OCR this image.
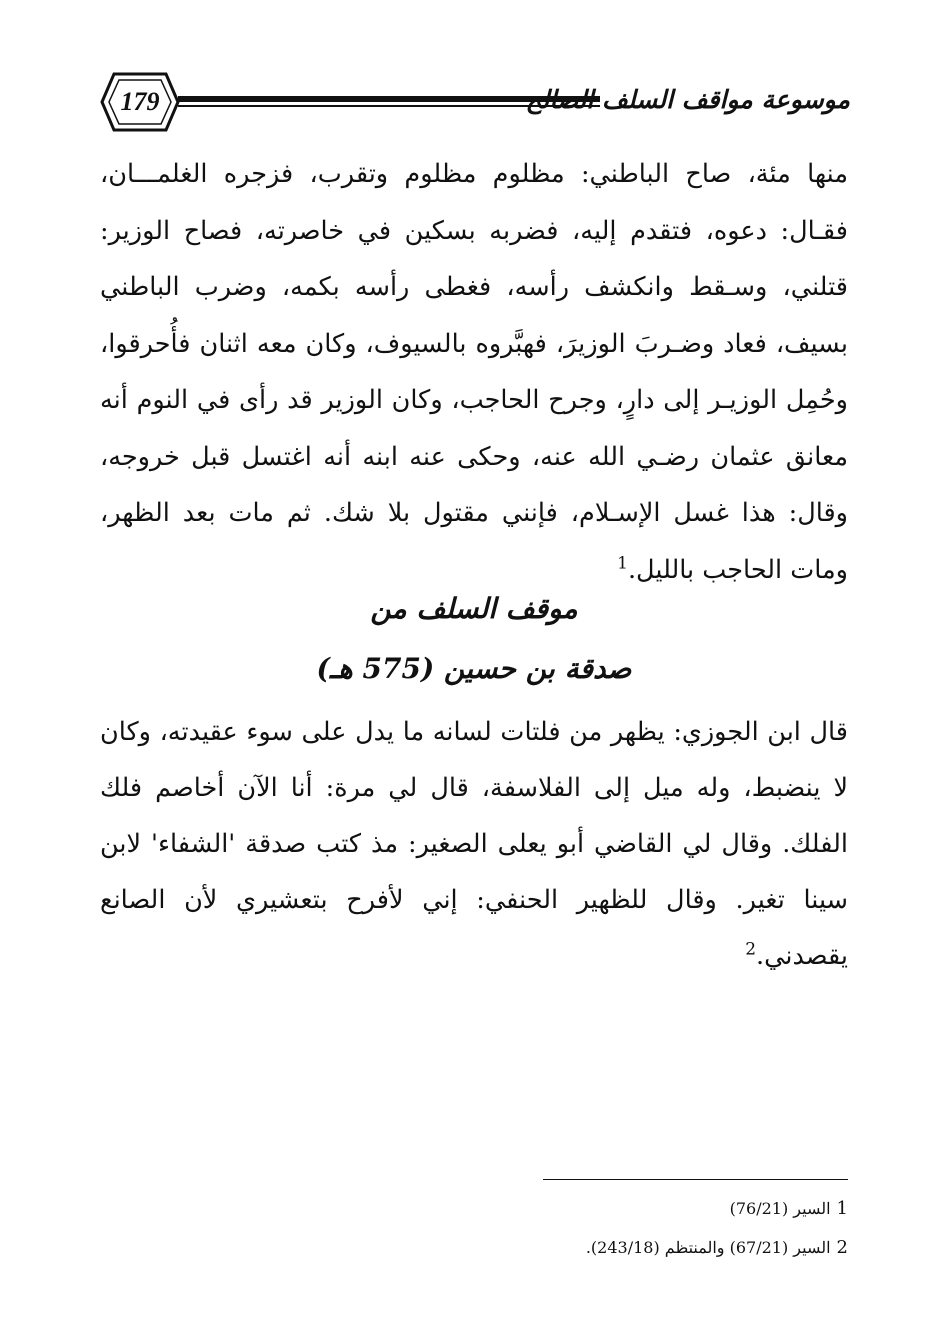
179	موسوعة مواقف السلف الصالح

منها مئة، صاح الباطني: مظلوم مظلوم وتقرب، فزجره الغلمـــان، فقـال: دعوه، فتقدم إليه، فضربه بسكين في خاصرته، فصاح الوزير: قتلني، وسـقط وانكشف رأسه، فغطى رأسه بكمه، وضرب الباطني بسيف، فعاد وضـربَ الوزيرَ، فهبَّروه بالسيوف، وكان معه اثنان فأُحرقوا، وحُمِل الوزيـر إلى دارٍ، وجرح الحاجب، وكان الوزير قد رأى في النوم أنه معانق عثمان رضـي الله عنه، وحكى عنه ابنه أنه اغتسل قبل خروجه، وقال: هذا غسل الإسـلام، فإنني مقتول بلا شك. ثم مات بعد الظهر، ومات الحاجب بالليل.$^1$

موقف السلف من
صدقة بن حسين (575 هـ)

قال ابن الجوزي: يظهر من فلتات لسانه ما يدل على سوء عقيدته، وكان لا ينضبط، وله ميل إلى الفلاسفة، قال لي مرة: أنا الآن أخاصم فلك الفلك. وقال لي القاضي أبو يعلى الصغير: مذ كتب صدقة 'الشفاء' لابن سينا تغير. وقال للظهير الحنفي: إني لأفرح بتعشيري لأن الصانع يقصدني.$^2$

1السير (76/21)

2السير (67/21) والمنتظم (243/18).
